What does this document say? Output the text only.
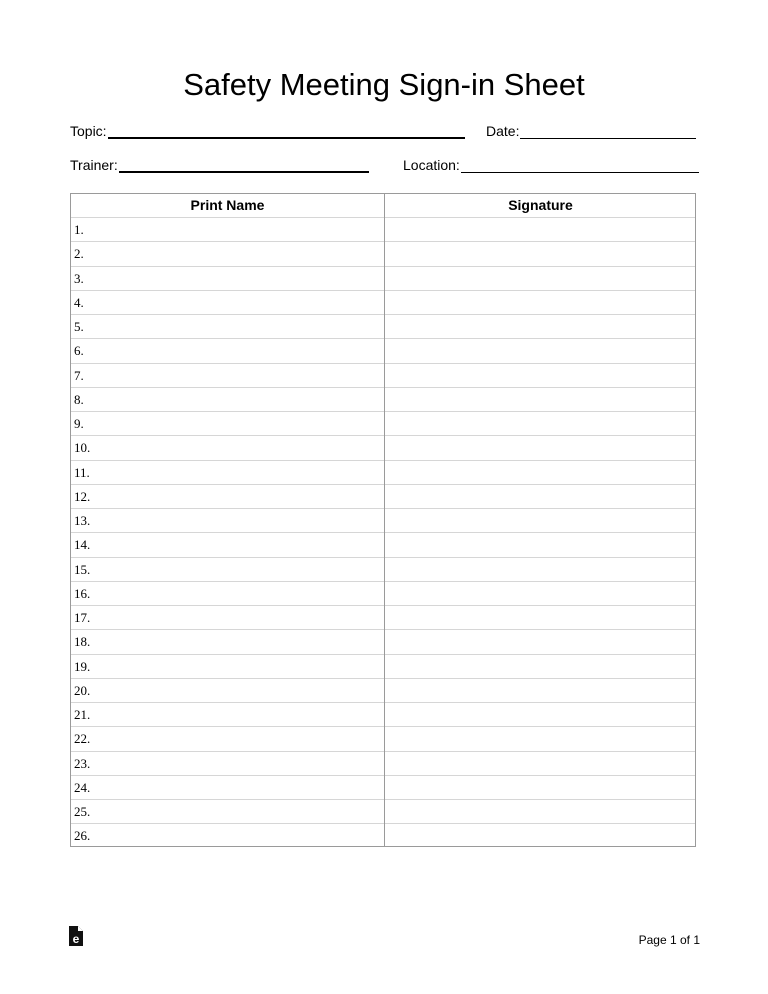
Safety Meeting Sign-in Sheet
Topic:	Date:
Trainer:	Location:
Print Name	Signature
1.
2.
3.
4.
5.
6.
7.
8.
9.
10.
11.
12.
13.
14.
15.
16.
17.
18.
19.
20.
21.
22.
23.
24.
25.
26.
e	Page 1 of 1
